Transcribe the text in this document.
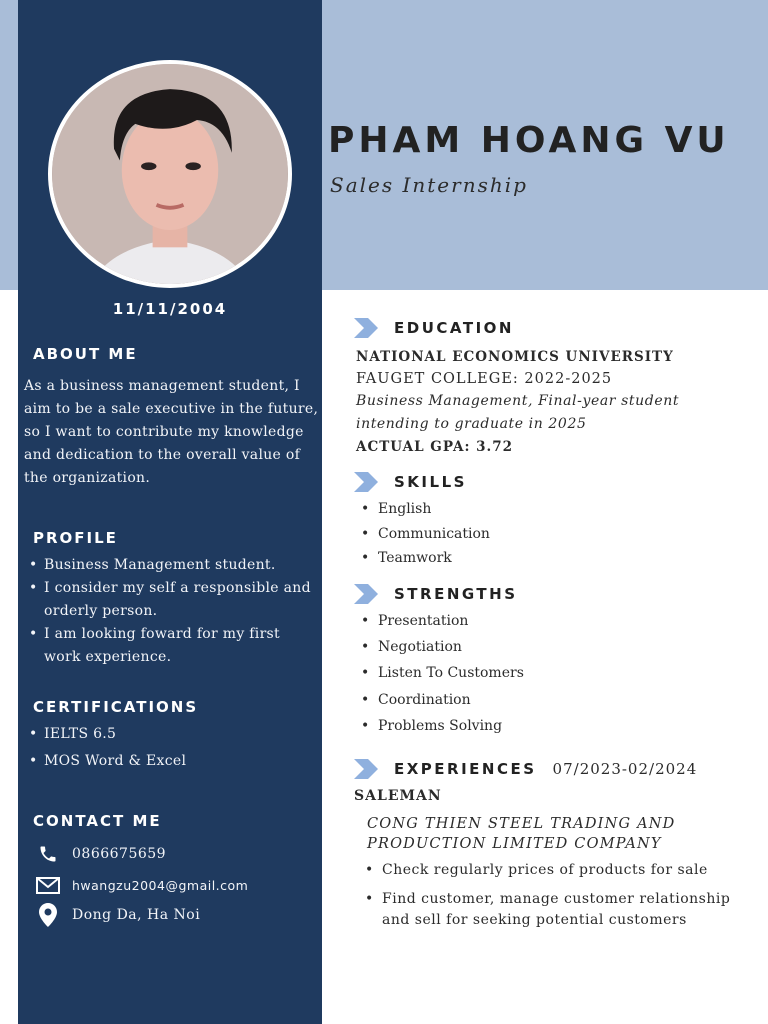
11/11/2004
ABOUT ME

As a business management student, I aim to be a sale executive in the future, so I want to contribute my knowledge and dedication to the overall value of the organization.

PROFILE
• Business Management student.
• I consider my self a responsible and orderly person.
• I am looking foward for my first work experience.
CERTIFICATIONS
• IELTS 6.5
• MOS Word & Excel
CONTACT ME
0866675659
hwangzu2004@gmail.com
Dong Da, Ha Noi
PHAM HOANG VU
Sales Internship
EDUCATION
NATIONAL ECONOMICS UNIVERSITY
FAUGET COLLEGE: 2022-2025
Business Management, Final-year student intending to graduate in 2025
ACTUAL GPA: 3.72
SKILLS
• English
• Communication
• Teamwork
STRENGTHS
• Presentation
• Negotiation
• Listen To Customers
• Coordination
• Problems Solving
EXPERIENCES 07/2023-02/2024
SALEMAN
CONG THIEN STEEL TRADING AND PRODUCTION LIMITED COMPANY
• Check regularly prices of products for sale
• Find customer, manage customer relationship and sell for seeking potential customers
